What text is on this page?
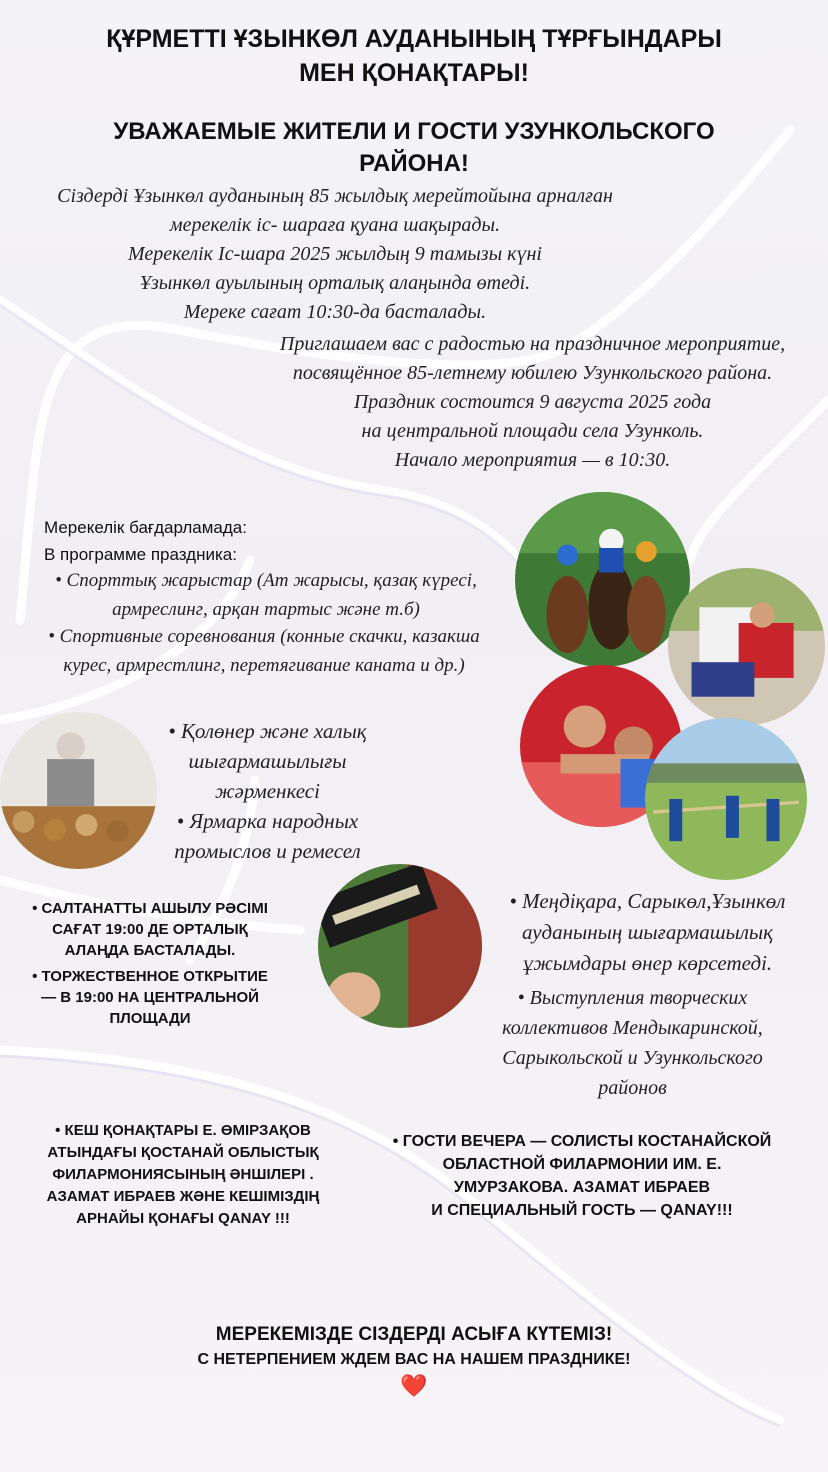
ҚҰРМЕТТІ ҰЗЫНКӨЛ АУДАНЫНЫҢ ТҰРҒЫНДАРЫ
МЕН ҚОНАҚТАРЫ!
УВАЖАЕМЫЕ ЖИТЕЛИ И ГОСТИ УЗУНКОЛЬСКОГО
РАЙОНА!
Сіздерді Ұзынкөл ауданының 85 жылдық мерейтойына арналған
мерекелік іс- шараға қуана шақырады.
Мерекелік Іс-шара 2025 жылдың 9 тамызы күні
Ұзынкөл ауылының орталық алаңында өтеді.
Мереке сағат 10:30-да басталады.
Приглашаем вас с радостью на праздничное мероприятие,
посвящённое 85-летнему юбилею Узункольского района.
Праздник состоится 9 августа 2025 года
на центральной площади села Узунколь.
Начало мероприятия — в 10:30.
Мерекелік бағдарламада:
В программе праздника:
• Спорттық жарыстар (Ат жарысы, қазақ күресі,
армреслинг, арқан тартыс және т.б)
• Спортивные соревнования (конные скачки, казакша
курес, армрестлинг, перетягивание каната и др.)
• Қолөнер және халық
шығармашылығы
жәрменкесі
• Ярмарка народных
промыслов и ремесел
• САЛТАНАТТЫ АШЫЛУ РӘСІМІ
САҒАТ 19:00 ДЕ ОРТАЛЫҚ
АЛАҢДА БАСТАЛАДЫ.
• ТОРЖЕСТВЕННОЕ ОТКРЫТИЕ
— В 19:00 НА ЦЕНТРАЛЬНОЙ
ПЛОЩАДИ
• Меңдіқара, Сарыкөл,Ұзынкөл
ауданының шығармашылық
ұжымдары өнер көрсетеді.
• Выступления творческих
коллективов Мендыкаринской,
Сарыкольской и Узункольского
районов
• КЕШ ҚОНАҚТАРЫ Е. ӨМІРЗАҚОВ
АТЫНДАҒЫ ҚОСТАНАЙ ОБЛЫСТЫҚ
ФИЛАРМОНИЯСЫНЫҢ ӘНШІЛЕРІ .
АЗАМАТ ИБРАЕВ ЖӘНЕ КЕШІМІЗДІҢ
АРНАЙЫ ҚОНАҒЫ QANAY !!!
• ГОСТИ ВЕЧЕРА — СОЛИСТЫ КОСТАНАЙСКОЙ
ОБЛАСТНОЙ ФИЛАРМОНИИ ИМ. Е.
УМУРЗАКОВА. АЗАМАТ ИБРАЕВ
И СПЕЦИАЛЬНЫЙ ГОСТЬ — QANAY!!!
МЕРЕКЕМІЗДЕ СІЗДЕРДІ АСЫҒА КҮТЕМІЗ!
С НЕТЕРПЕНИЕМ ЖДЕМ ВАС НА НАШЕМ ПРАЗДНИКЕ!
❤️
